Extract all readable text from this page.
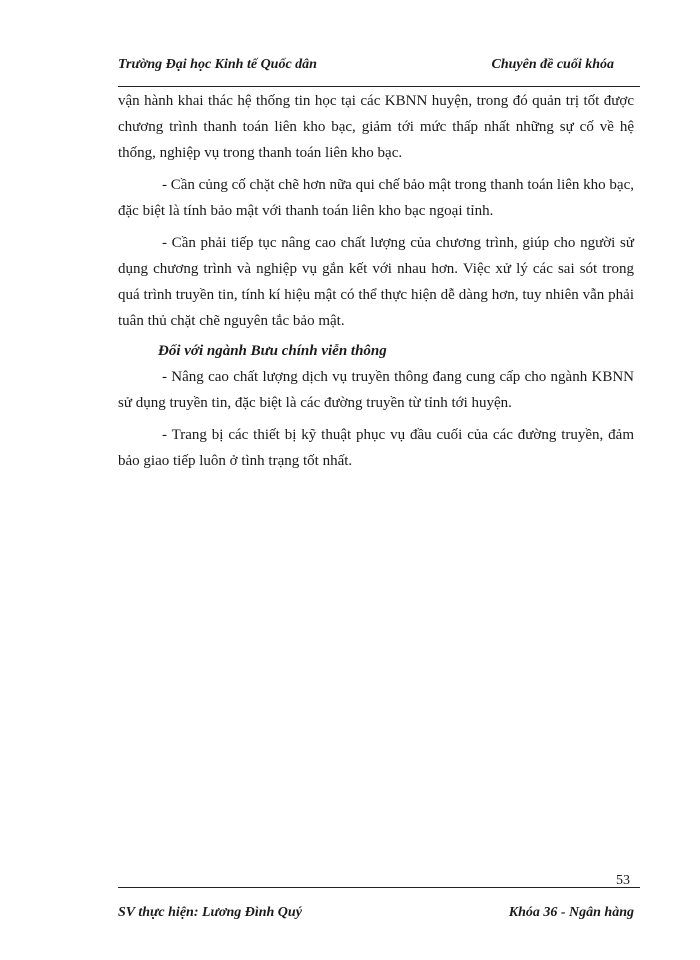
Trường Đại học Kinh tế Quốc dân	Chuyên đề cuối khóa

vận hành khai thác hệ thống tin học tại các KBNN huyện, trong đó quản trị tốt được chương trình thanh toán liên kho bạc, giảm tới mức thấp nhất những sự cố về hệ thống, nghiệp vụ trong thanh toán liên kho bạc.

- Cần củng cố chặt chẽ hơn nữa qui chế bảo mật trong thanh toán liên kho bạc, đặc biệt là tính bảo mật với thanh toán liên kho bạc ngoại tỉnh.

- Cần phải tiếp tục nâng cao chất lượng của chương trình, giúp cho người sử dụng chương trình và nghiệp vụ gắn kết với nhau hơn. Việc xử lý các sai sót trong quá trình truyền tin, tính kí hiệu mật có thể thực hiện dễ dàng hơn, tuy nhiên vẫn phải tuân thủ chặt chẽ nguyên tắc bảo mật.

Đối với ngành Bưu chính viễn thông

- Nâng cao chất lượng dịch vụ truyền thông đang cung cấp cho ngành KBNN sử dụng truyền tin, đặc biệt là các đường truyền từ tỉnh tới huyện.

- Trang bị các thiết bị kỹ thuật phục vụ đầu cuối của các đường truyền, đảm bảo giao tiếp luôn ở tình trạng tốt nhất.

53
SV thực hiện: Lương Đình Quý	Khóa 36 - Ngân hàng
